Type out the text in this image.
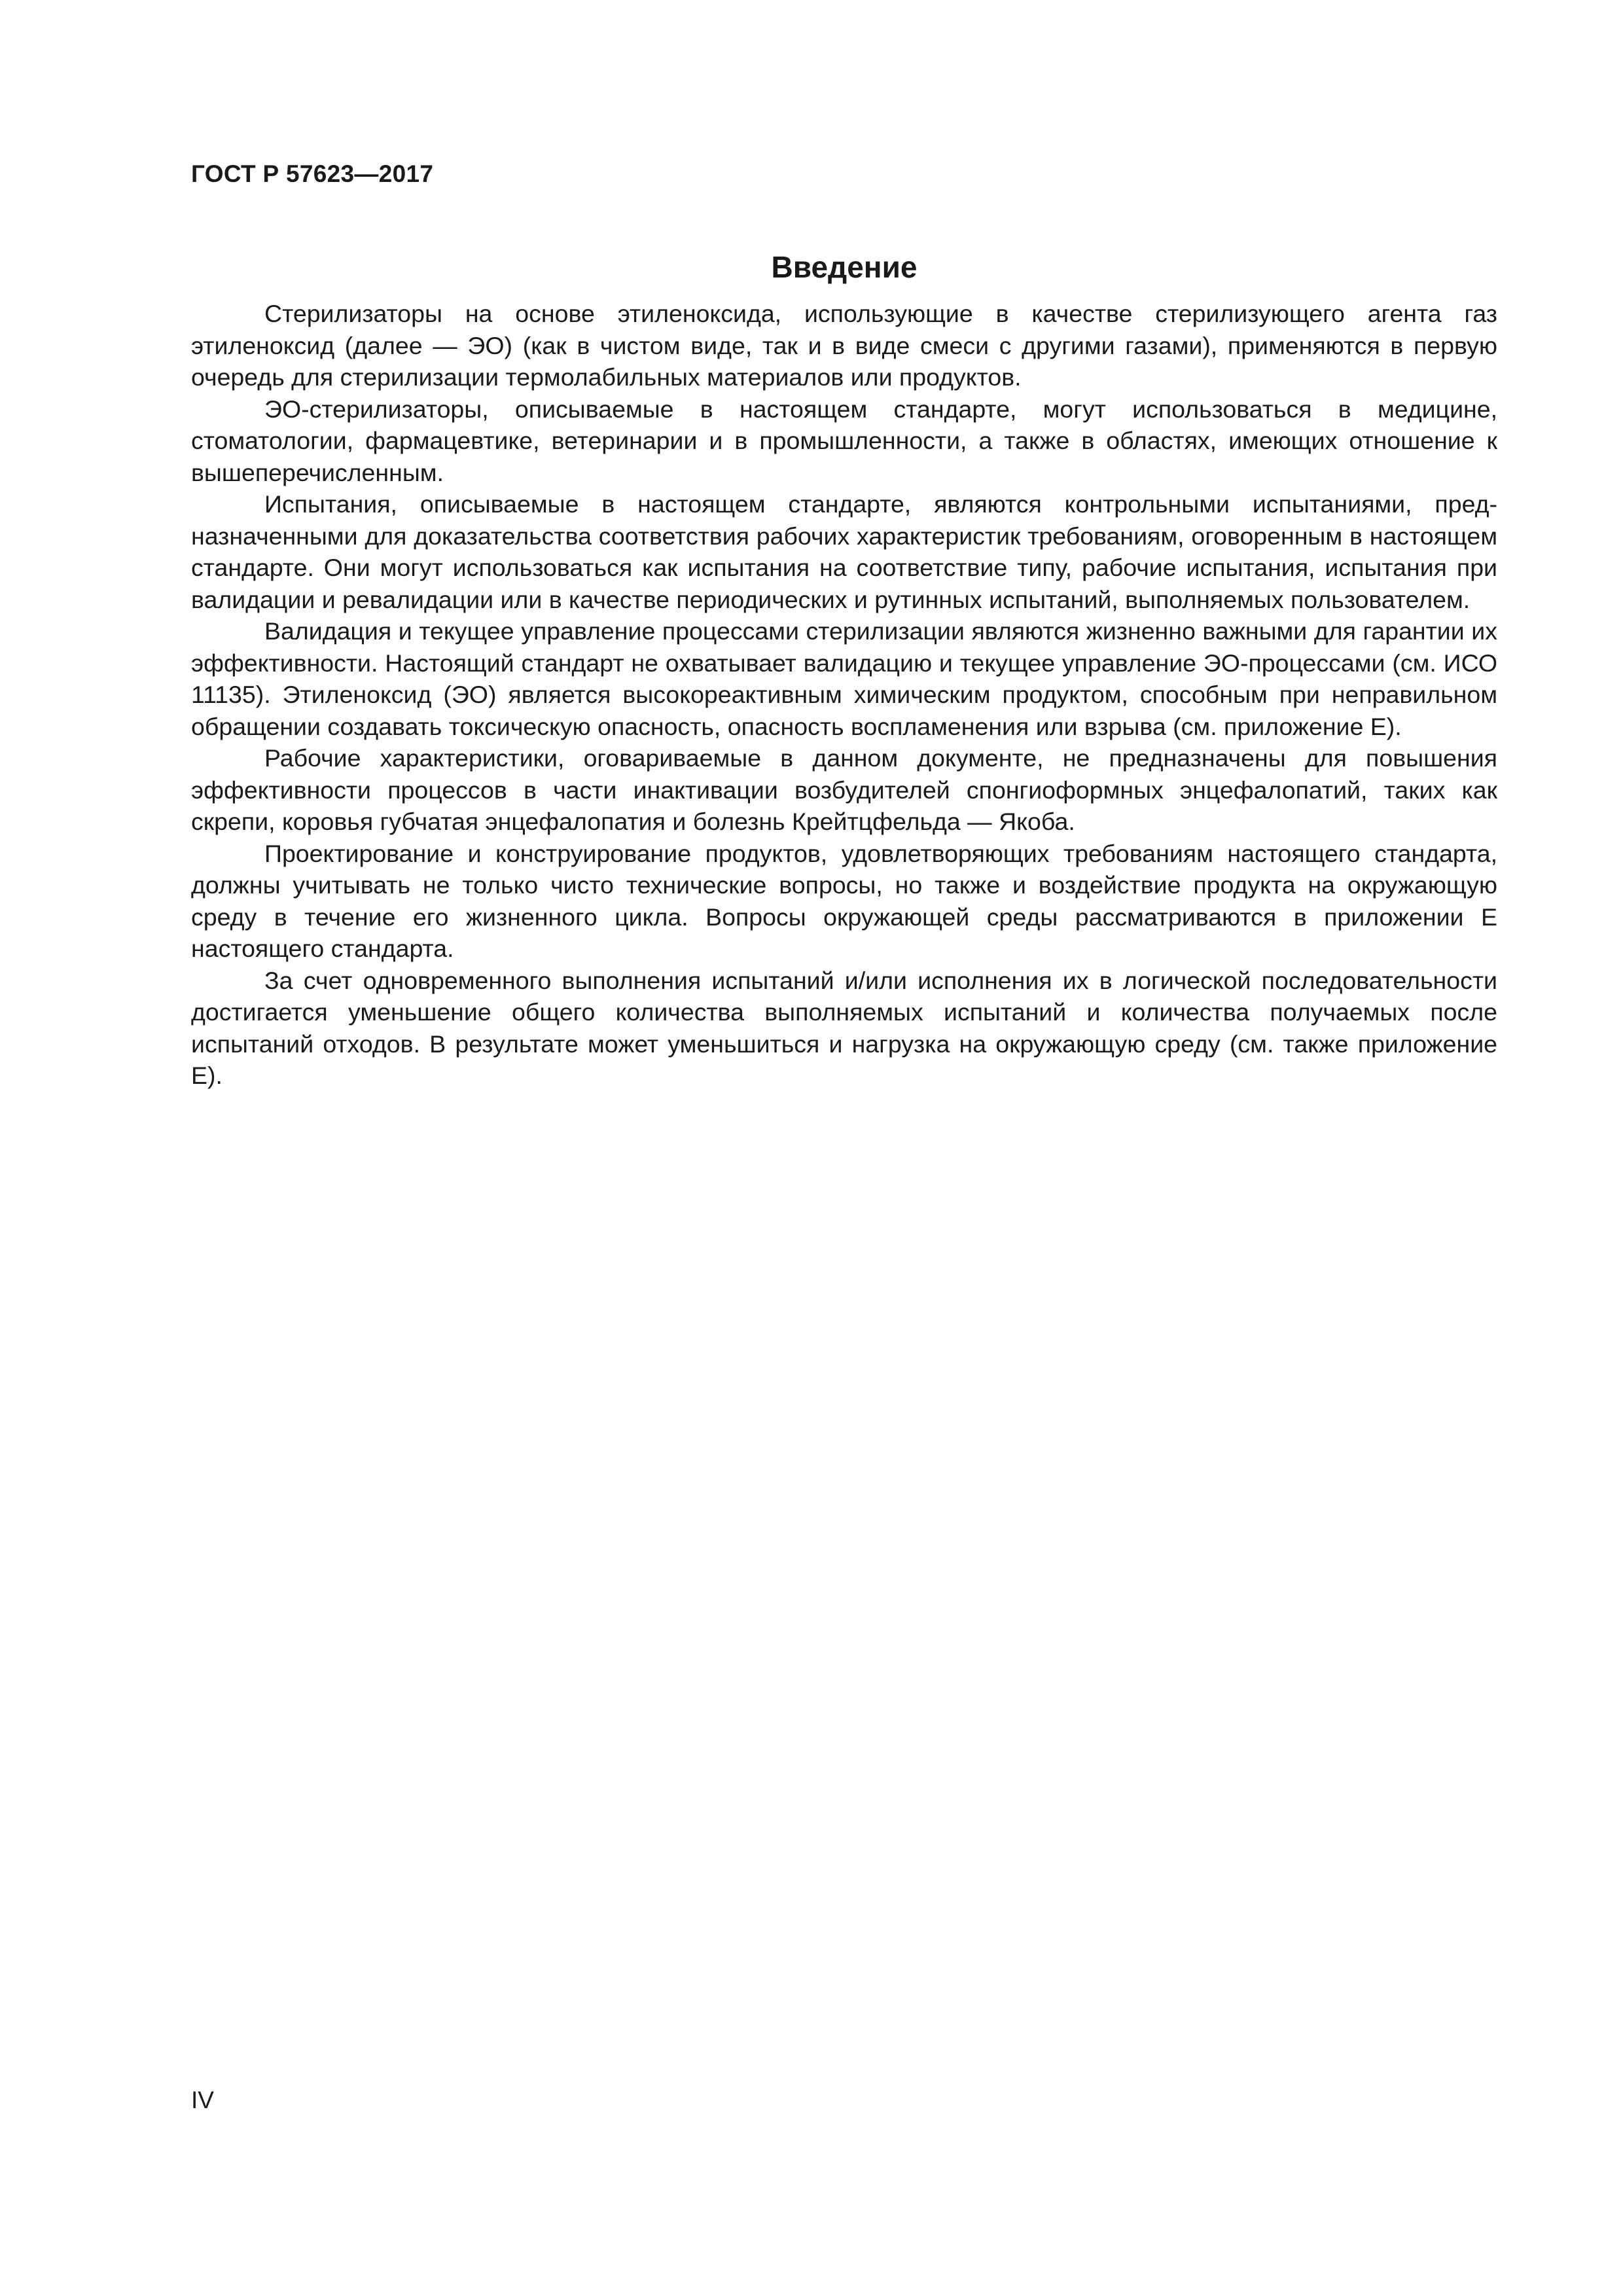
ГОСТ Р 57623—2017
Введение

Стерилизаторы на основе этиленоксида, использующие в качестве стерилизующего агента газ этиленоксид (далее — ЭО) (как в чистом виде, так и в виде смеси с другими газами), применяются в первую очередь для стерилизации термолабильных материалов или продуктов.

ЭО-стерилизаторы, описываемые в настоящем стандарте, могут использоваться в медицине, стоматологии, фармацевтике, ветеринарии и в промышленности, а также в областях, имеющих отношение к вышеперечисленным.

Испытания, описываемые в настоящем стандарте, являются контрольными испытаниями, предназначенными для доказательства соответствия рабочих характеристик требованиям, оговоренным в настоящем стандарте. Они могут использоваться как испытания на соответствие типу, рабочие испытания, испытания при валидации и ревалидации или в качестве периодических и рутинных испытаний, выполняемых пользователем.

Валидация и текущее управление процессами стерилизации являются жизненно важными для гарантии их эффективности. Настоящий стандарт не охватывает валидацию и текущее управление ЭО-процессами (см. ИСО 11135). Этиленоксид (ЭО) является высокореактивным химическим продуктом, способным при неправильном обращении создавать токсическую опасность, опасность воспламенения или взрыва (см. приложение Е).

Рабочие характеристики, оговариваемые в данном документе, не предназначены для повышения эффективности процессов в части инактивации возбудителей спонгиоформных энцефалопатий, таких как скрепи, коровья губчатая энцефалопатия и болезнь Крейтцфельда — Якоба.

Проектирование и конструирование продуктов, удовлетворяющих требованиям настоящего стандарта, должны учитывать не только чисто технические вопросы, но также и воздействие продукта на окружающую среду в течение его жизненного цикла. Вопросы окружающей среды рассматриваются в приложении Е настоящего стандарта.

За счет одновременного выполнения испытаний и/или исполнения их в логической последовательности достигается уменьшение общего количества выполняемых испытаний и количества получаемых после испытаний отходов. В результате может уменьшиться и нагрузка на окружающую среду (см. также приложение Е).

IV
